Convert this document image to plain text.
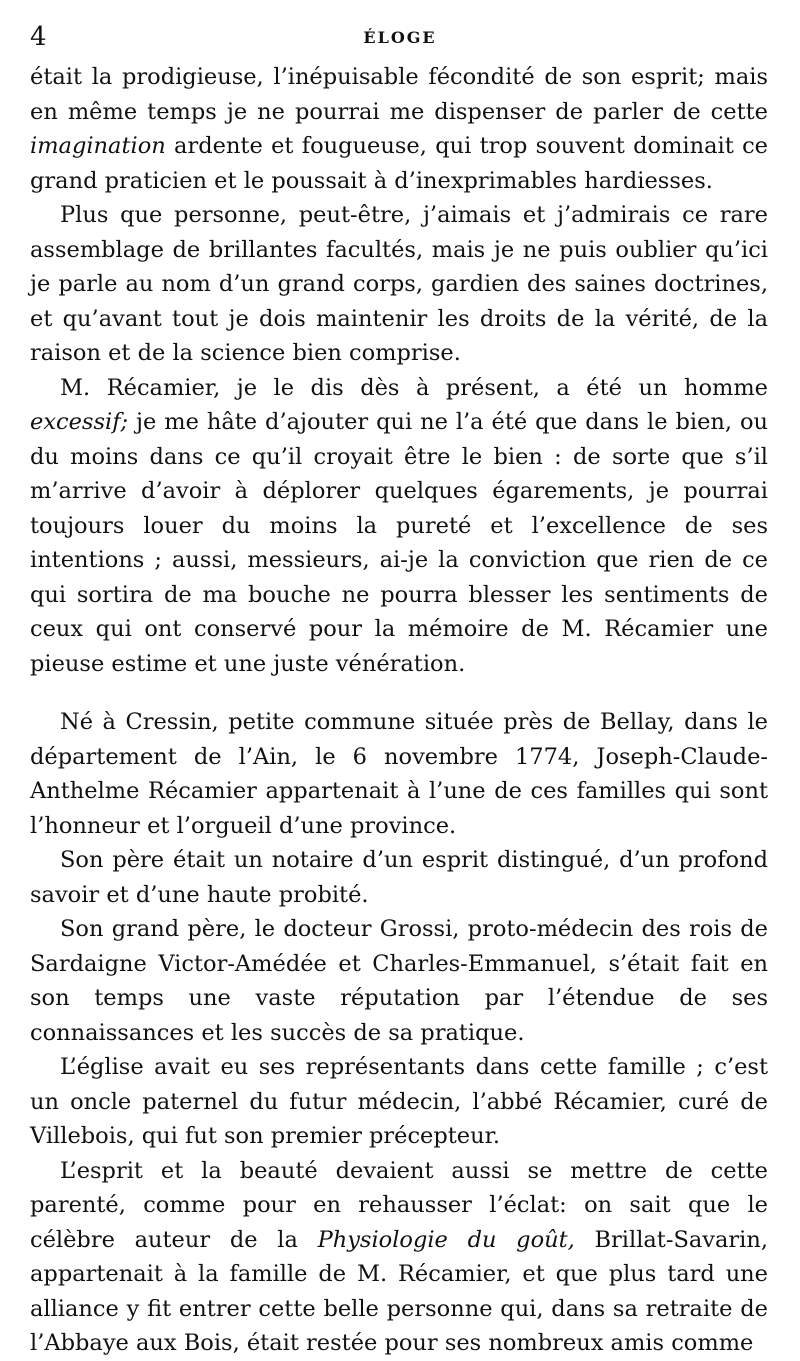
4	ÉLOGE

était la prodigieuse, l’inépuisable fécondité de son esprit; mais en même temps je ne pourrai me dispenser de parler de cette imagination ardente et fougueuse, qui trop souvent dominait ce grand praticien et le poussait à d’inexprimables hardiesses.

Plus que personne, peut-être, j’aimais et j’admirais ce rare assemblage de brillantes facultés, mais je ne puis oublier qu’ici je parle au nom d’un grand corps, gardien des saines doctrines, et qu’avant tout je dois maintenir les droits de la vérité, de la raison et de la science bien comprise.

M. Récamier, je le dis dès à présent, a été un homme excessif; je me hâte d’ajouter qui ne l’a été que dans le bien, ou du moins dans ce qu’il croyait être le bien : de sorte que s’il m’arrive d’avoir à déplorer quelques égarements, je pourrai toujours louer du moins la pureté et l’excellence de ses intentions ; aussi, messieurs, ai-je la conviction que rien de ce qui sortira de ma bouche ne pourra blesser les sentiments de ceux qui ont conservé pour la mémoire de M. Récamier une pieuse estime et une juste vénération.

Né à Cressin, petite commune située près de Bellay, dans le département de l’Ain, le 6 novembre 1774, Joseph-Claude-Anthelme Récamier appartenait à l’une de ces familles qui sont l’honneur et l’orgueil d’une province.

Son père était un notaire d’un esprit distingué, d’un profond savoir et d’une haute probité.

Son grand père, le docteur Grossi, proto-médecin des rois de Sardaigne Victor-Amédée et Charles-Emmanuel, s’était fait en son temps une vaste réputation par l’étendue de ses connaissances et les succès de sa pratique.

L’église avait eu ses représentants dans cette famille ; c’est un oncle paternel du futur médecin, l’abbé Récamier, curé de Villebois, qui fut son premier précepteur.

L’esprit et la beauté devaient aussi se mettre de cette parenté, comme pour en rehausser l’éclat: on sait que le célèbre auteur de la Physiologie du goût, Brillat-Savarin, appartenait à la famille de M. Récamier, et que plus tard une alliance y fit entrer cette belle personne qui, dans sa retraite de l’Abbaye aux Bois, était restée pour ses nombreux amis comme
